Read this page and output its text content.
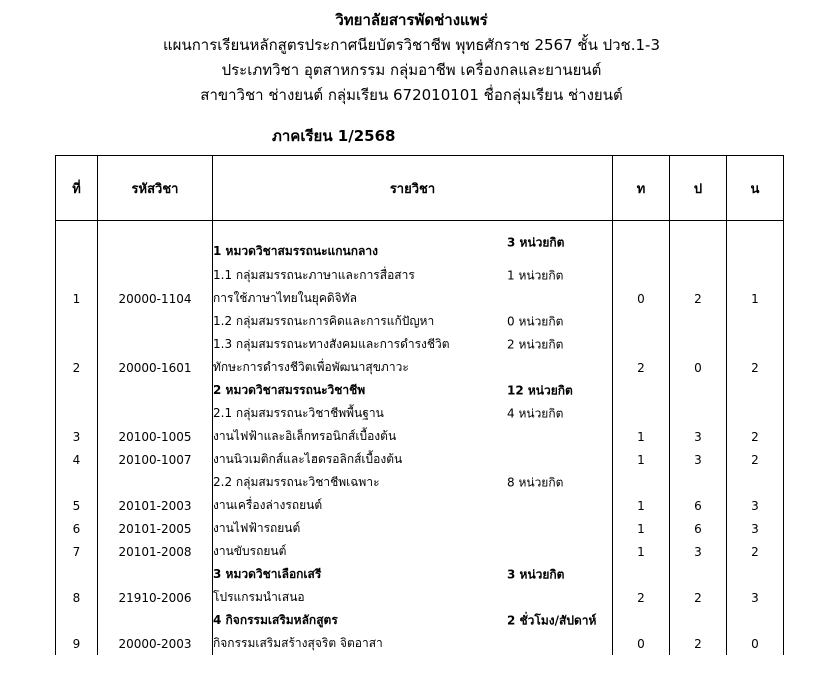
วิทยาลัยสารพัดช่างแพร่
แผนการเรียนหลักสูตรประกาศนียบัตรวิชาชีพ พุทธศักราช 2567 ชั้น ปวช.1-3
ประเภทวิชา อุตสาหกรรม กลุ่มอาชีพ เครื่องกลและยานยนต์
สาขาวิชา ช่างยนต์ กลุ่มเรียน 672010101 ชื่อกลุ่มเรียน ช่างยนต์
ภาคเรียน 1/2568
ที่	รหัสวิชา	รายวิชา	ท	ป	น
		1 หมวดวิชาสมรรถนะแกนกลาง
3 หน่วยกิต			

		1.1 กลุ่มสมรรถนะภาษาและการสื่อสาร 1 หน่วยกิต			

1	20000-1104	การใช้ภาษาไทยในยุคดิจิทัล	0	2	1
		1.2 กลุ่มสมรรถนะการคิดและการแก้ปัญหา 0 หน่วยกิต			

		1.3 กลุ่มสมรรถนะทางสังคมและการดำรงชีวิต 2 หน่วยกิต			

2	20000-1601	ทักษะการดำรงชีวิตเพื่อพัฒนาสุขภาวะ	2	0	2
		2 หมวดวิชาสมรรถนะวิชาชีพ 12 หน่วยกิต			

		2.1 กลุ่มสมรรถนะวิชาชีพพื้นฐาน 4 หน่วยกิต			

3	20100-1005	งานไฟฟ้าและอิเล็กทรอนิกส์เบื้องต้น	1	3	2
4	20100-1007	งานนิวเมติกส์และไฮดรอลิกส์เบื้องต้น	1	3	2
		2.2 กลุ่มสมรรถนะวิชาชีพเฉพาะ 8 หน่วยกิต			

5	20101-2003	งานเครื่องล่างรถยนต์	1	6	3
6	20101-2005	งานไฟฟ้ารถยนต์	1	6	3
7	20101-2008	งานขับรถยนต์	1	3	2
		3 หมวดวิชาเลือกเสรี 3 หน่วยกิต			

8	21910-2006	โปรแกรมนำเสนอ	2	2	3
		4 กิจกรรมเสริมหลักสูตร 2 ชั่วโมง/สัปดาห์			

9	20000-2003	กิจกรรมเสริมสร้างสุจริต จิตอาสา	0	2	0
